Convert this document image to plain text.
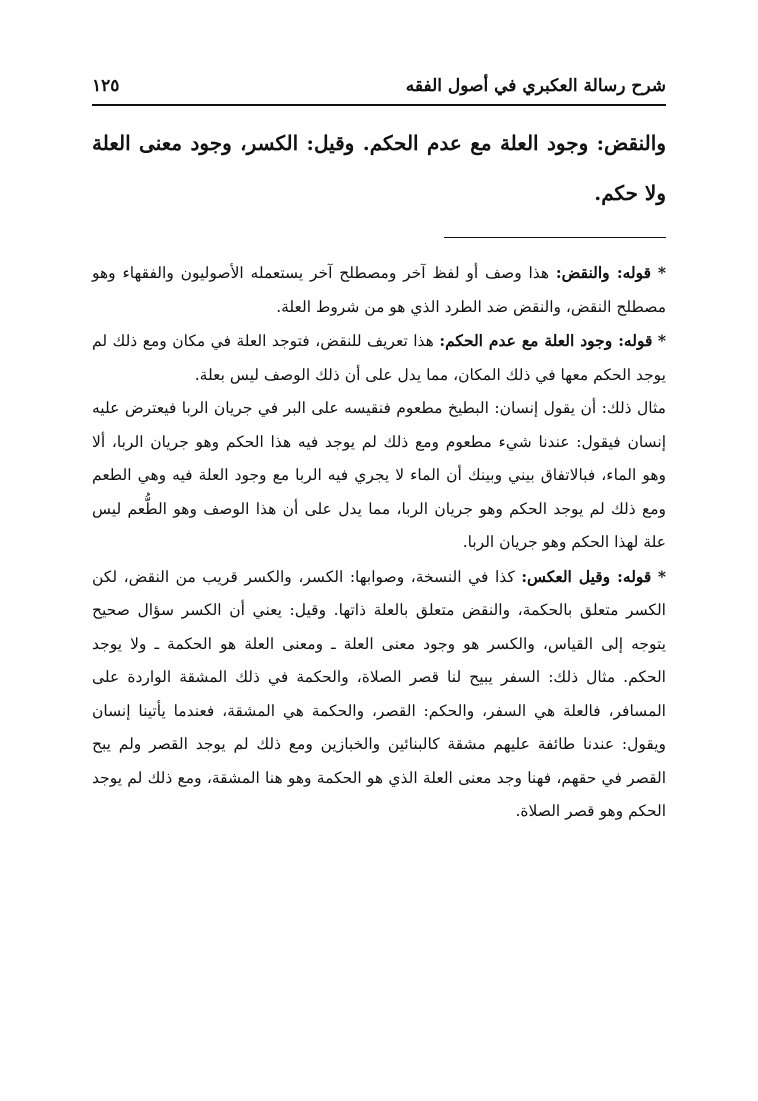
شرح رسالة العكبري في أصول الفقه
١٢٥
والنقض: وجود العلة مع عدم الحكم. وقيل: الكسر، وجود معنى العلة ولا حكم.

* قوله: والنقض: هذا وصف أو لفظ آخر ومصطلح آخر يستعمله الأصوليون والفقهاء وهو مصطلح النقض، والنقض ضد الطرد الذي هو من شروط العلة.

* قوله: وجود العلة مع عدم الحكم: هذا تعريف للنقض، فتوجد العلة في مكان ومع ذلك لم يوجد الحكم معها في ذلك المكان، مما يدل على أن ذلك الوصف ليس بعلة.

مثال ذلك: أن يقول إنسان: البطيخ مطعوم فنقيسه على البر في جريان الربا فيعترض عليه إنسان فيقول: عندنا شيء مطعوم ومع ذلك لم يوجد فيه هذا الحكم وهو جريان الربا، ألا وهو الماء، فبالاتفاق بيني وبينك أن الماء لا يجري فيه الربا مع وجود العلة فيه وهي الطعم ومع ذلك لم يوجد الحكم وهو جريان الربا، مما يدل على أن هذا الوصف وهو الطُّعم ليس علة لهذا الحكم وهو جريان الربا.

* قوله: وقيل العكس: كذا في النسخة، وصوابها: الكسر، والكسر قريب من النقض، لكن الكسر متعلق بالحكمة، والنقض متعلق بالعلة ذاتها. وقيل: يعني أن الكسر سؤال صحيح يتوجه إلى القياس، والكسر هو وجود معنى العلة ـ ومعنى العلة هو الحكمة ـ ولا يوجد الحكم. مثال ذلك: السفر يبيح لنا قصر الصلاة، والحكمة في ذلك المشقة الواردة على المسافر، فالعلة هي السفر، والحكم: القصر، والحكمة هي المشقة، فعندما يأتينا إنسان ويقول: عندنا طائفة عليهم مشقة كالبنائين والخبازين ومع ذلك لم يوجد القصر ولم يبح القصر في حقهم، فهنا وجد معنى العلة الذي هو الحكمة وهو هنا المشقة، ومع ذلك لم يوجد الحكم وهو قصر الصلاة.
